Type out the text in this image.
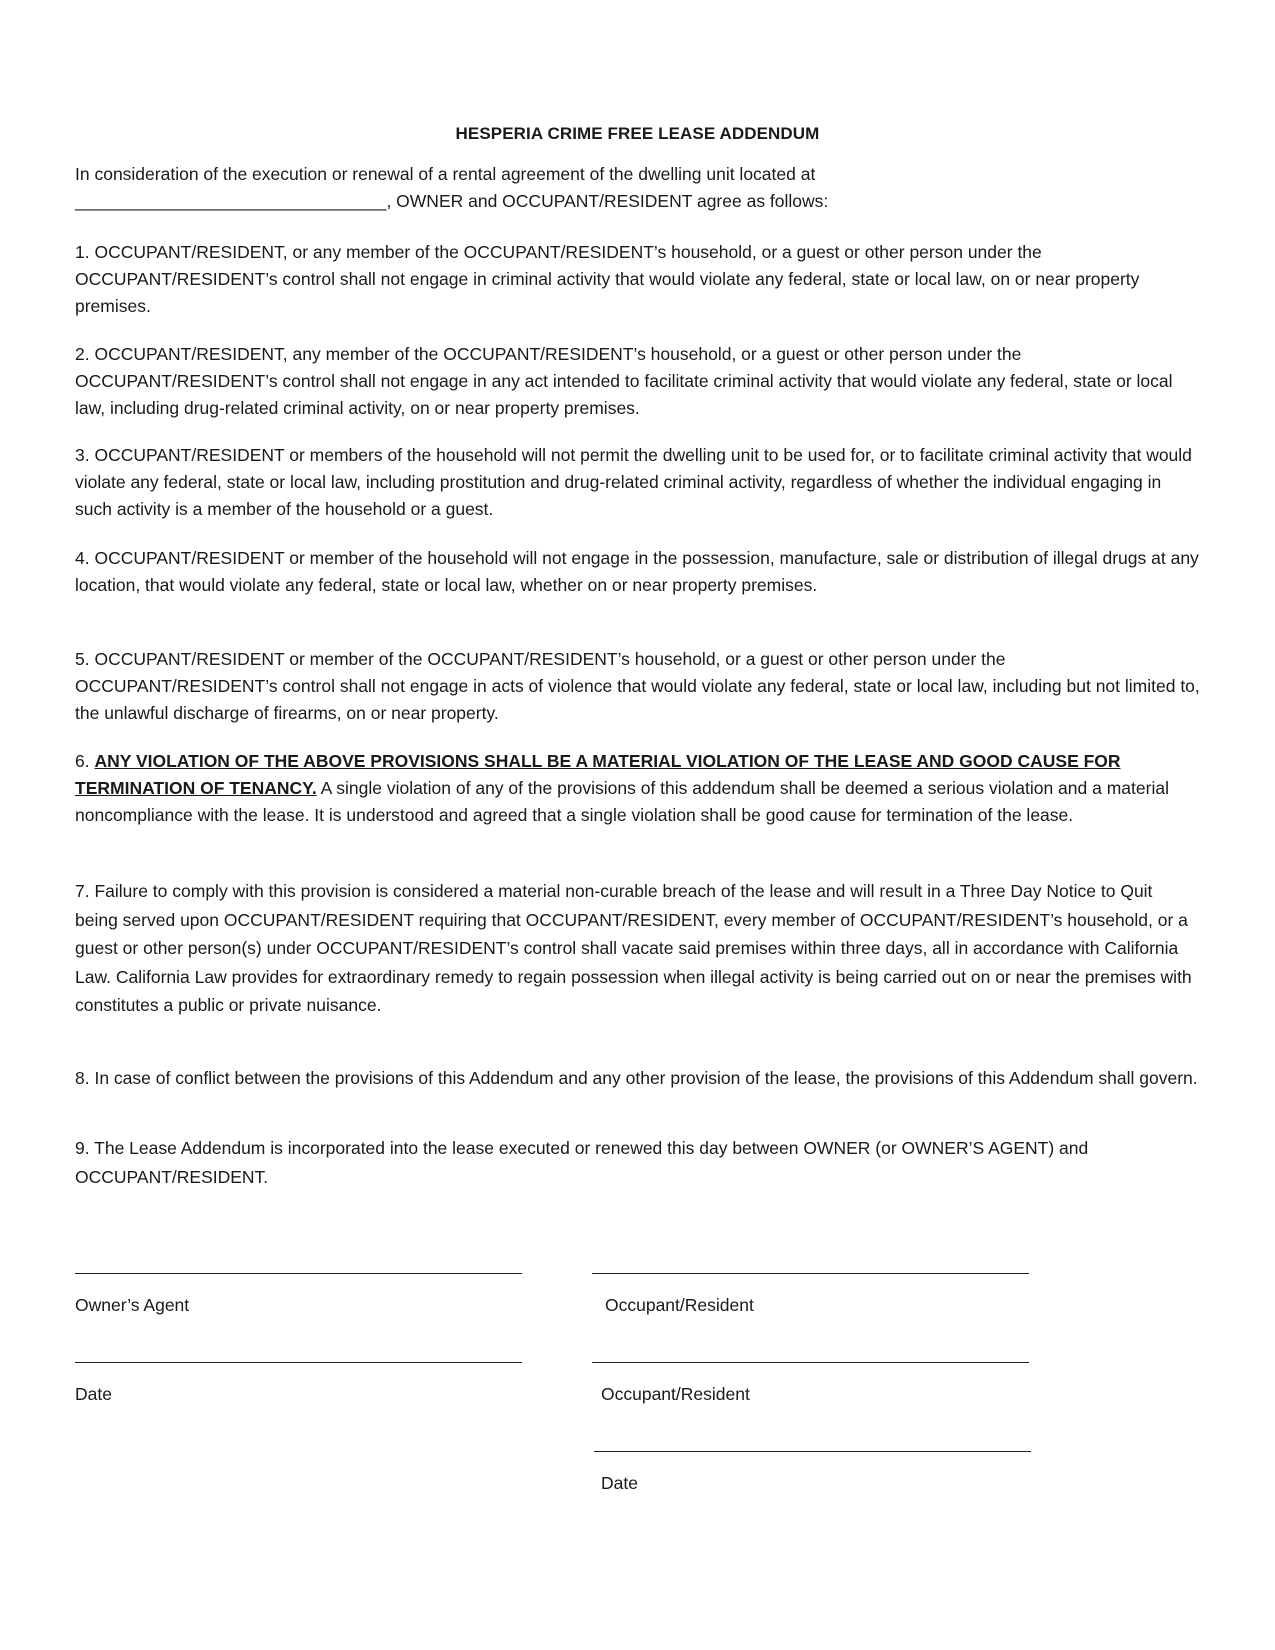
HESPERIA CRIME FREE LEASE ADDENDUM

In consideration of the execution or renewal of a rental agreement of the dwelling unit located at
________________________________, OWNER and OCCUPANT/RESIDENT agree as follows:

1. OCCUPANT/RESIDENT, or any member of the OCCUPANT/RESIDENT’s household, or a guest or other person under the OCCUPANT/RESIDENT’s control shall not engage in criminal activity that would violate any federal, state or local law, on or near property premises.

2. OCCUPANT/RESIDENT, any member of the OCCUPANT/RESIDENT’s household, or a guest or other person under the OCCUPANT/RESIDENT’s control shall not engage in any act intended to facilitate criminal activity that would violate any federal, state or local law, including drug-related criminal activity, on or near property premises.

3. OCCUPANT/RESIDENT or members of the household will not permit the dwelling unit to be used for, or to facilitate criminal activity that would violate any federal, state or local law, including prostitution and drug-related criminal activity, regardless of whether the individual engaging in such activity is a member of the household or a guest.

4. OCCUPANT/RESIDENT or member of the household will not engage in the possession, manufacture, sale or distribution of illegal drugs at any location, that would violate any federal, state or local law, whether on or near property premises.

5. OCCUPANT/RESIDENT or member of the OCCUPANT/RESIDENT’s household, or a guest or other person under the OCCUPANT/RESIDENT’s control shall not engage in acts of violence that would violate any federal, state or local law, including but not limited to, the unlawful discharge of firearms, on or near property.

6. ANY VIOLATION OF THE ABOVE PROVISIONS SHALL BE A MATERIAL VIOLATION OF THE LEASE AND GOOD CAUSE FOR TERMINATION OF TENANCY. A single violation of any of the provisions of this addendum shall be deemed a serious violation and a material noncompliance with the lease. It is understood and agreed that a single violation shall be good cause for termination of the lease.

7. Failure to comply with this provision is considered a material non-curable breach of the lease and will result in a Three Day Notice to Quit being served upon OCCUPANT/RESIDENT requiring that OCCUPANT/RESIDENT, every member of OCCUPANT/RESIDENT’s household, or a guest or other person(s) under OCCUPANT/RESIDENT’s control shall vacate said premises within three days, all in accordance with California Law. California Law provides for extraordinary remedy to regain possession when illegal activity is being carried out on or near the premises with constitutes a public or private nuisance.

8. In case of conflict between the provisions of this Addendum and any other provision of the lease, the provisions of this Addendum shall govern.

9. The Lease Addendum is incorporated into the lease executed or renewed this day between OWNER (or OWNER’S AGENT) and OCCUPANT/RESIDENT.

Owner’s Agent	Occupant/Resident
Date	Occupant/Resident
Date
